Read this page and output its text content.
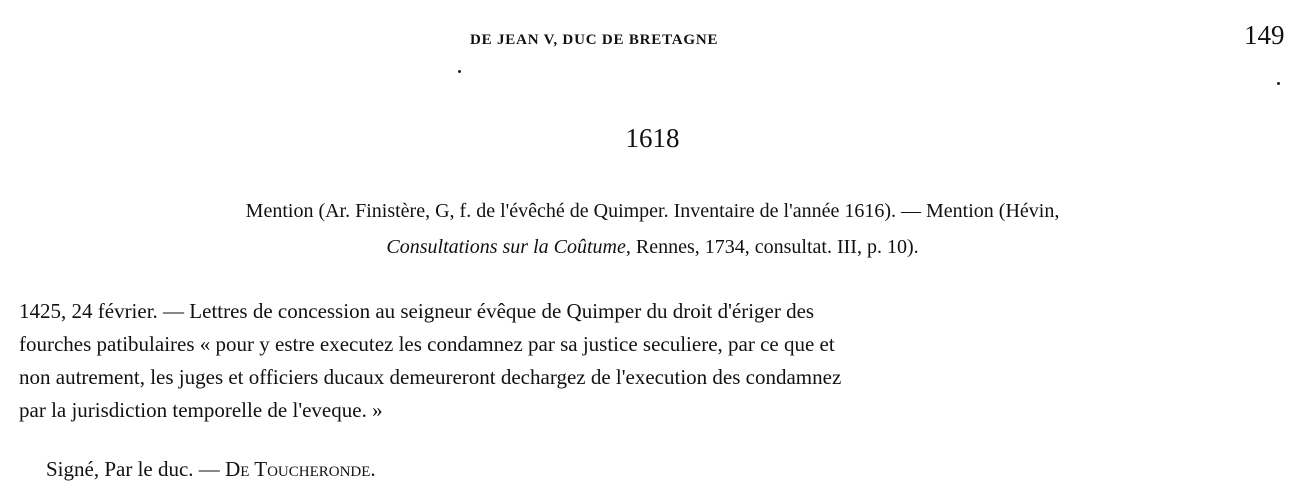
DE JEAN V, DUC DE BRETAGNE	149
1618
Mention (Ar. Finistère, G, f. de l'évêché de Quimper. Inventaire de l'année 1616). — Mention (Hévin,
Consultations sur la Coûtume, Rennes, 1734, consultat. III, p. 10).
1425, 24 février. — Lettres de concession au seigneur évêque de Quimper du droit d'ériger des
fourches patibulaires « pour y estre executez les condamnez par sa justice seculiere, par ce que et
non autrement, les juges et officiers ducaux demeureront dechargez de l'execution des condamnez
par la jurisdiction temporelle de l'eveque. »
Signé, Par le duc. — De Toucheronde.
